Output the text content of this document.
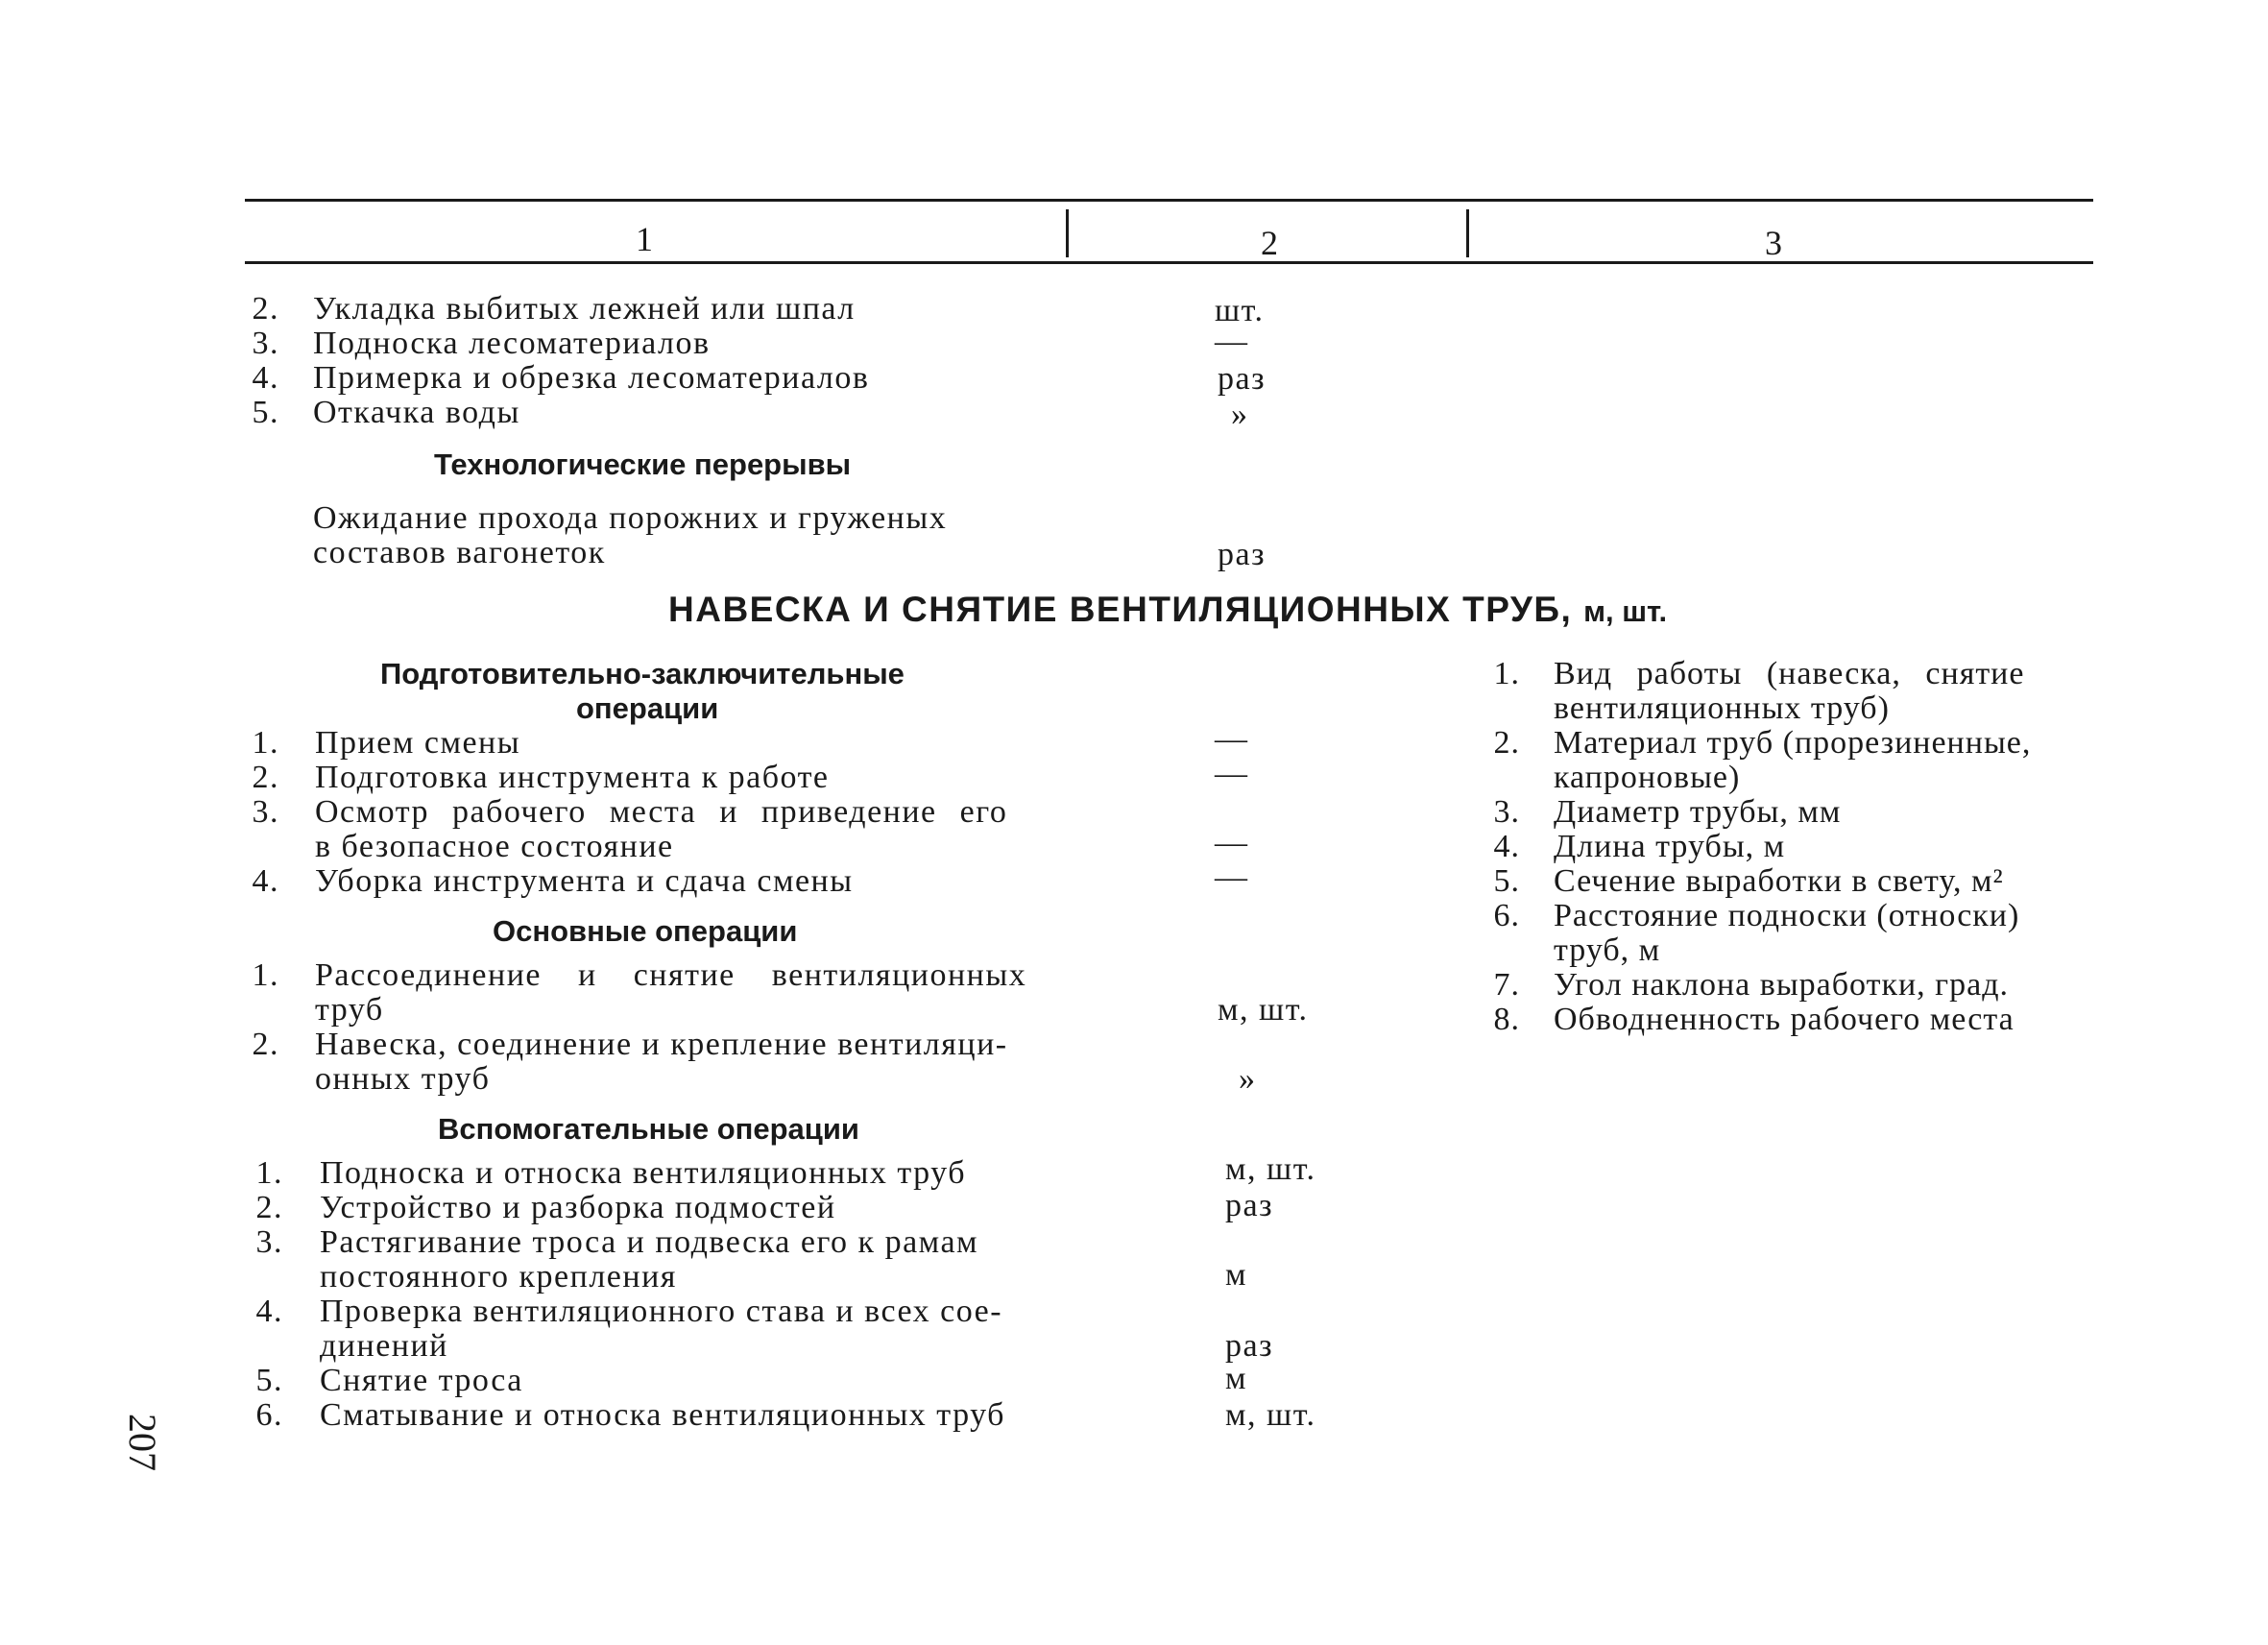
1	2	3
2. Укладка выбитых лежней или шпал	шт.
3. Подноска лесоматериалов	—
4. Примерка и обрезка лесоматериалов	раз
5. Откачка воды	»
Технологические перерывы
Ожидание прохода порожних и груженых
составов вагонеток	раз
НАВЕСКА И СНЯТИЕ ВЕНТИЛЯЦИОННЫХ ТРУБ, м, шт.
Подготовительно-заключительные
операции
1. Прием смены	—
2. Подготовка инструмента к работе	—
3. Осмотр рабочего места и приведение его
в безопасное состояние	—
4. Уборка инструмента и сдача смены	—
Основные операции
1. Рассоединение и снятие вентиляционных
труб	м, шт.
2. Навеска, соединение и крепление вентиляци-
онных труб	»
Вспомогательные операции
1. Подноска и относка вентиляционных труб	м, шт.
2. Устройство и разборка подмостей	раз
3. Растягивание троса и подвеска его к рамам
постоянного крепления	м
4. Проверка вентиляционного става и всех сое-
динений	раз
5. Снятие троса	м
6. Сматывание и относка вентиляционных труб	м, шт.
1. Вид работы (навеска, снятие
вентиляционных труб)
2. Материал труб (прорезиненные,
капроновые)
3. Диаметр трубы, мм
4. Длина трубы, м
5. Сечение выработки в свету, м²
6. Расстояние подноски (относки)
труб, м
7. Угол наклона выработки, град.
8. Обводненность рабочего места
207
